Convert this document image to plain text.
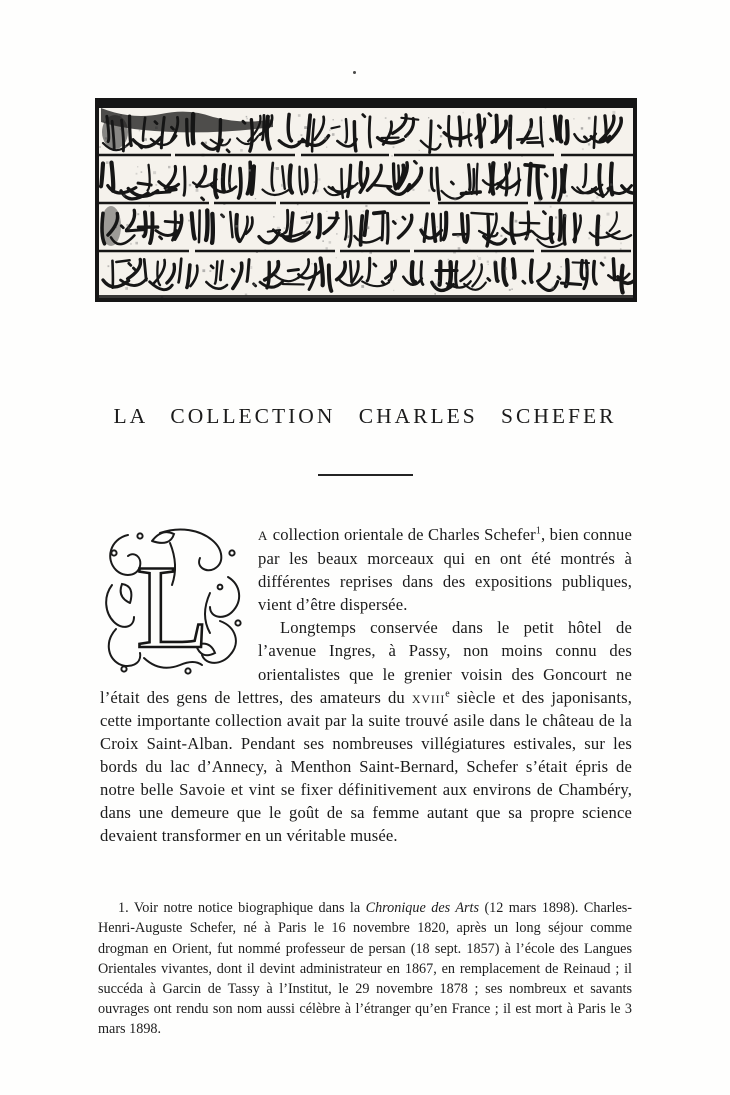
LA COLLECTION CHARLES SCHEFER
L

A collection orientale de Charles Schefer$^1$, bien connue par les beaux morceaux qui en ont été montrés à différentes reprises dans des expositions publiques, vient d’être dispersée.

Longtemps conservée dans le petit hôtel de l’avenue Ingres, à Passy, non moins connu des orientalistes que le grenier voisin des Goncourt ne l’était des gens de lettres, des amateurs du xviii$^e$ siècle et des japonisants, cette importante collection avait par la suite trouvé asile dans le château de la Croix Saint-Alban. Pendant ses nombreuses villégiatures estivales, sur les bords du lac d’Annecy, à Menthon Saint-Bernard, Schefer s’était épris de notre belle Savoie et vint se fixer définitivement aux environs de Chambéry, dans une demeure que le goût de sa femme autant que sa propre science devaient transformer en un véritable musée.

1. Voir notre notice biographique dans la Chronique des Arts (12 mars 1898). Charles-Henri-Auguste Schefer, né à Paris le 16 novembre 1820, après un long séjour comme drogman en Orient, fut nommé professeur de persan (18 sept. 1857) à l’école des Langues Orientales vivantes, dont il devint administrateur en 1867, en remplacement de Reinaud ; il succéda à Garcin de Tassy à l’Institut, le 29 novembre 1878 ; ses nombreux et savants ouvrages ont rendu son nom aussi célèbre à l’étranger qu’en France ; il est mort à Paris le 3 mars 1898.
